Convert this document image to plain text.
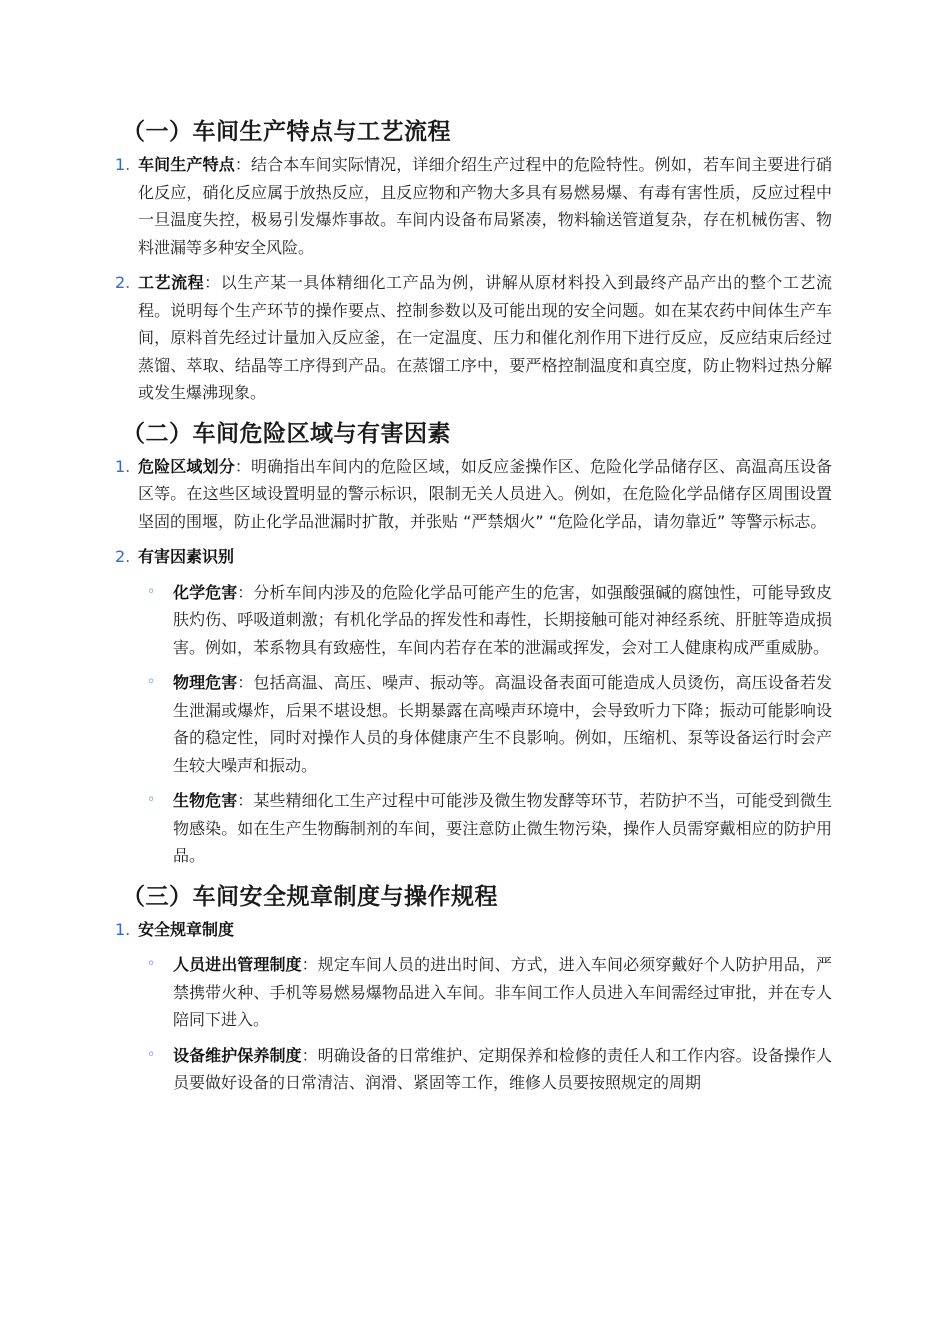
（一）车间生产特点与工艺流程
1. 车间生产特点：结合本车间实际情况，详细介绍生产过程中的危险特性。例如，若车间主要进行硝化反应，硝化反应属于放热反应，且反应物和产物大多具有易燃易爆、有毒有害性质，反应过程中一旦温度失控，极易引发爆炸事故。车间内设备布局紧凑，物料输送管道复杂，存在机械伤害、物料泄漏等多种安全风险。

2. 工艺流程：以生产某一具体精细化工产品为例，讲解从原材料投入到最终产品产出的整个工艺流程。说明每个生产环节的操作要点、控制参数以及可能出现的安全问题。如在某农药中间体生产车间，原料首先经过计量加入反应釜，在一定温度、压力和催化剂作用下进行反应，反应结束后经过蒸馏、萃取、结晶等工序得到产品。在蒸馏工序中，要严格控制温度和真空度，防止物料过热分解或发生爆沸现象。

（二）车间危险区域与有害因素
1. 危险区域划分：明确指出车间内的危险区域，如反应釜操作区、危险化学品储存区、高温高压设备区等。在这些区域设置明显的警示标识，限制无关人员进入。例如，在危险化学品储存区周围设置坚固的围堰，防止化学品泄漏时扩散，并张贴 “严禁烟火” “危险化学品，请勿靠近” 等警示标志。

2. 有害因素识别

◦ 化学危害：分析车间内涉及的危险化学品可能产生的危害，如强酸强碱的腐蚀性，可能导致皮肤灼伤、呼吸道刺激；有机化学品的挥发性和毒性，长期接触可能对神经系统、肝脏等造成损害。例如，苯系物具有致癌性，车间内若存在苯的泄漏或挥发，会对工人健康构成严重威胁。

◦ 物理危害：包括高温、高压、噪声、振动等。高温设备表面可能造成人员烫伤，高压设备若发生泄漏或爆炸，后果不堪设想。长期暴露在高噪声环境中，会导致听力下降；振动可能影响设备的稳定性，同时对操作人员的身体健康产生不良影响。例如，压缩机、泵等设备运行时会产生较大噪声和振动。

◦ 生物危害：某些精细化工生产过程中可能涉及微生物发酵等环节，若防护不当，可能受到微生物感染。如在生产生物酶制剂的车间，要注意防止微生物污染，操作人员需穿戴相应的防护用品。

（三）车间安全规章制度与操作规程
1. 安全规章制度

◦ 人员进出管理制度：规定车间人员的进出时间、方式，进入车间必须穿戴好个人防护用品，严禁携带火种、手机等易燃易爆物品进入车间。非车间工作人员进入车间需经过审批，并在专人陪同下进入。

◦ 设备维护保养制度：明确设备的日常维护、定期保养和检修的责任人和工作内容。设备操作人员要做好设备的日常清洁、润滑、紧固等工作，维修人员要按照规定的周期
